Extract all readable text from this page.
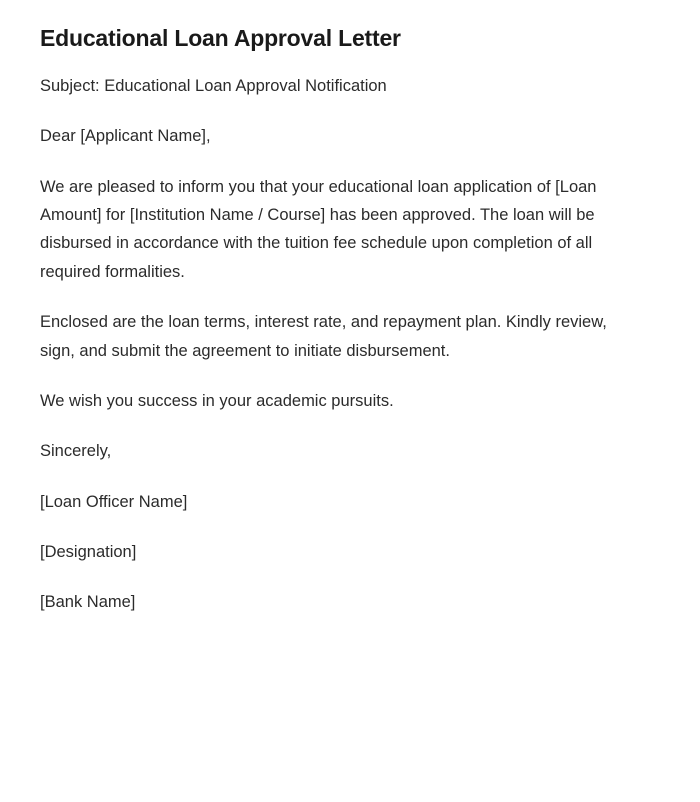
Educational Loan Approval Letter

Subject: Educational Loan Approval Notification

Dear [Applicant Name],

We are pleased to inform you that your educational loan application of [Loan Amount] for [Institution Name / Course] has been approved. The loan will be disbursed in accordance with the tuition fee schedule upon completion of all required formalities.

Enclosed are the loan terms, interest rate, and repayment plan. Kindly review, sign, and submit the agreement to initiate disbursement.

We wish you success in your academic pursuits.

Sincerely,

[Loan Officer Name]

[Designation]

[Bank Name]
